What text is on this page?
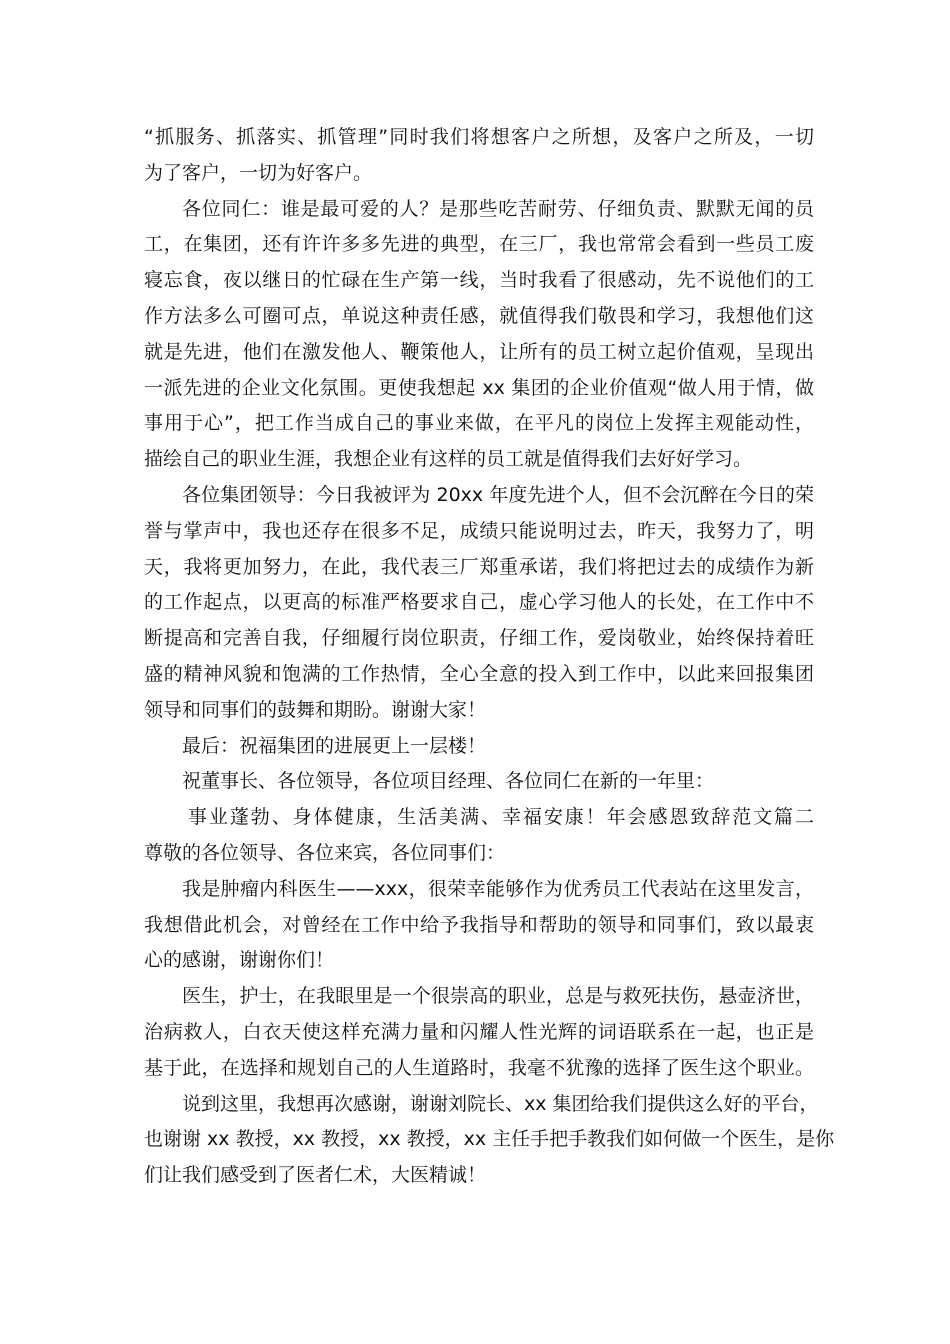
“抓服务、抓落实、抓管理”同时我们将想客户之所想，及客户之所及，一切
为了客户，一切为好客户。
各位同仁：谁是最可爱的人？是那些吃苦耐劳、仔细负责、默默无闻的员
工，在集团，还有许许多多先进的典型，在三厂，我也常常会看到一些员工废
寝忘食，夜以继日的忙碌在生产第一线，当时我看了很感动，先不说他们的工
作方法多么可圈可点，单说这种责任感，就值得我们敬畏和学习，我想他们这
就是先进，他们在激发他人、鞭策他人，让所有的员工树立起价值观，呈现出
一派先进的企业文化氛围。更使我想起 xx 集团的企业价值观“做人用于情，做
事用于心”，把工作当成自己的事业来做，在平凡的岗位上发挥主观能动性，
描绘自己的职业生涯，我想企业有这样的员工就是值得我们去好好学习。
各位集团领导：今日我被评为 20xx 年度先进个人，但不会沉醉在今日的荣
誉与掌声中，我也还存在很多不足，成绩只能说明过去，昨天，我努力了，明
天，我将更加努力，在此，我代表三厂郑重承诺，我们将把过去的成绩作为新
的工作起点，以更高的标准严格要求自己，虚心学习他人的长处，在工作中不
断提高和完善自我，仔细履行岗位职责，仔细工作，爱岗敬业，始终保持着旺
盛的精神风貌和饱满的工作热情，全心全意的投入到工作中，以此来回报集团
领导和同事们的鼓舞和期盼。谢谢大家！
最后：祝福集团的进展更上一层楼！
祝董事长、各位领导，各位项目经理、各位同仁在新的一年里：
事业蓬勃、身体健康，生活美满、幸福安康！年会感恩致辞范文篇二
尊敬的各位领导、各位来宾，各位同事们：
我是肿瘤内科医生——xxx，很荣幸能够作为优秀员工代表站在这里发言，
我想借此机会，对曾经在工作中给予我指导和帮助的领导和同事们，致以最衷
心的感谢，谢谢你们！
医生，护士，在我眼里是一个很崇高的职业，总是与救死扶伤，悬壶济世，
治病救人，白衣天使这样充满力量和闪耀人性光辉的词语联系在一起，也正是
基于此，在选择和规划自己的人生道路时，我毫不犹豫的选择了医生这个职业。
说到这里，我想再次感谢，谢谢刘院长、xx 集团给我们提供这么好的平台，
也谢谢 xx 教授，xx 教授，xx 教授，xx 主任手把手教我们如何做一个医生，是你
们让我们感受到了医者仁术，大医精诚！
